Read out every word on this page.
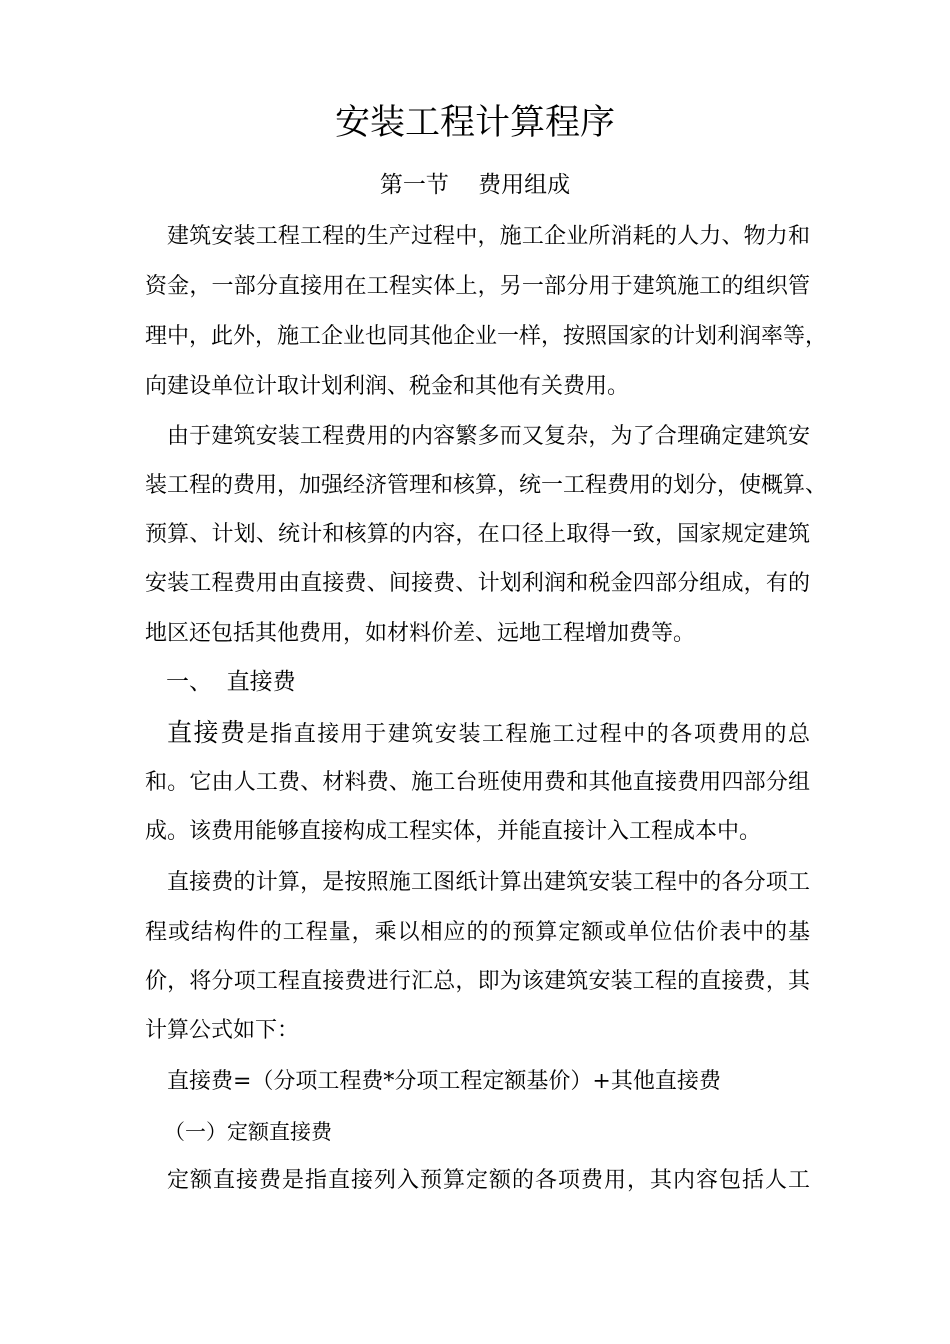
安装工程计算程序
第一节    费用组成
建筑安装工程工程的生产过程中，施工企业所消耗的人力、物力和
资金，一部分直接用在工程实体上，另一部分用于建筑施工的组织管
理中，此外，施工企业也同其他企业一样，按照国家的计划利润率等，
向建设单位计取计划利润、税金和其他有关费用。
由于建筑安装工程费用的内容繁多而又复杂，为了合理确定建筑安
装工程的费用，加强经济管理和核算，统一工程费用的划分，使概算、
预算、计划、统计和核算的内容，在口径上取得一致，国家规定建筑
安装工程费用由直接费、间接费、计划利润和税金四部分组成，有的
地区还包括其他费用，如材料价差、远地工程增加费等。
一、  直接费
直接费是指直接用于建筑安装工程施工过程中的各项费用的总
和。它由人工费、材料费、施工台班使用费和其他直接费用四部分组
成。该费用能够直接构成工程实体，并能直接计入工程成本中。
直接费的计算，是按照施工图纸计算出建筑安装工程中的各分项工
程或结构件的工程量，乘以相应的的预算定额或单位估价表中的基
价，将分项工程直接费进行汇总，即为该建筑安装工程的直接费，其
计算公式如下：
直接费=（分项工程费*分项工程定额基价）+其他直接费
（一）定额直接费
定额直接费是指直接列入预算定额的各项费用，其内容包括人工
